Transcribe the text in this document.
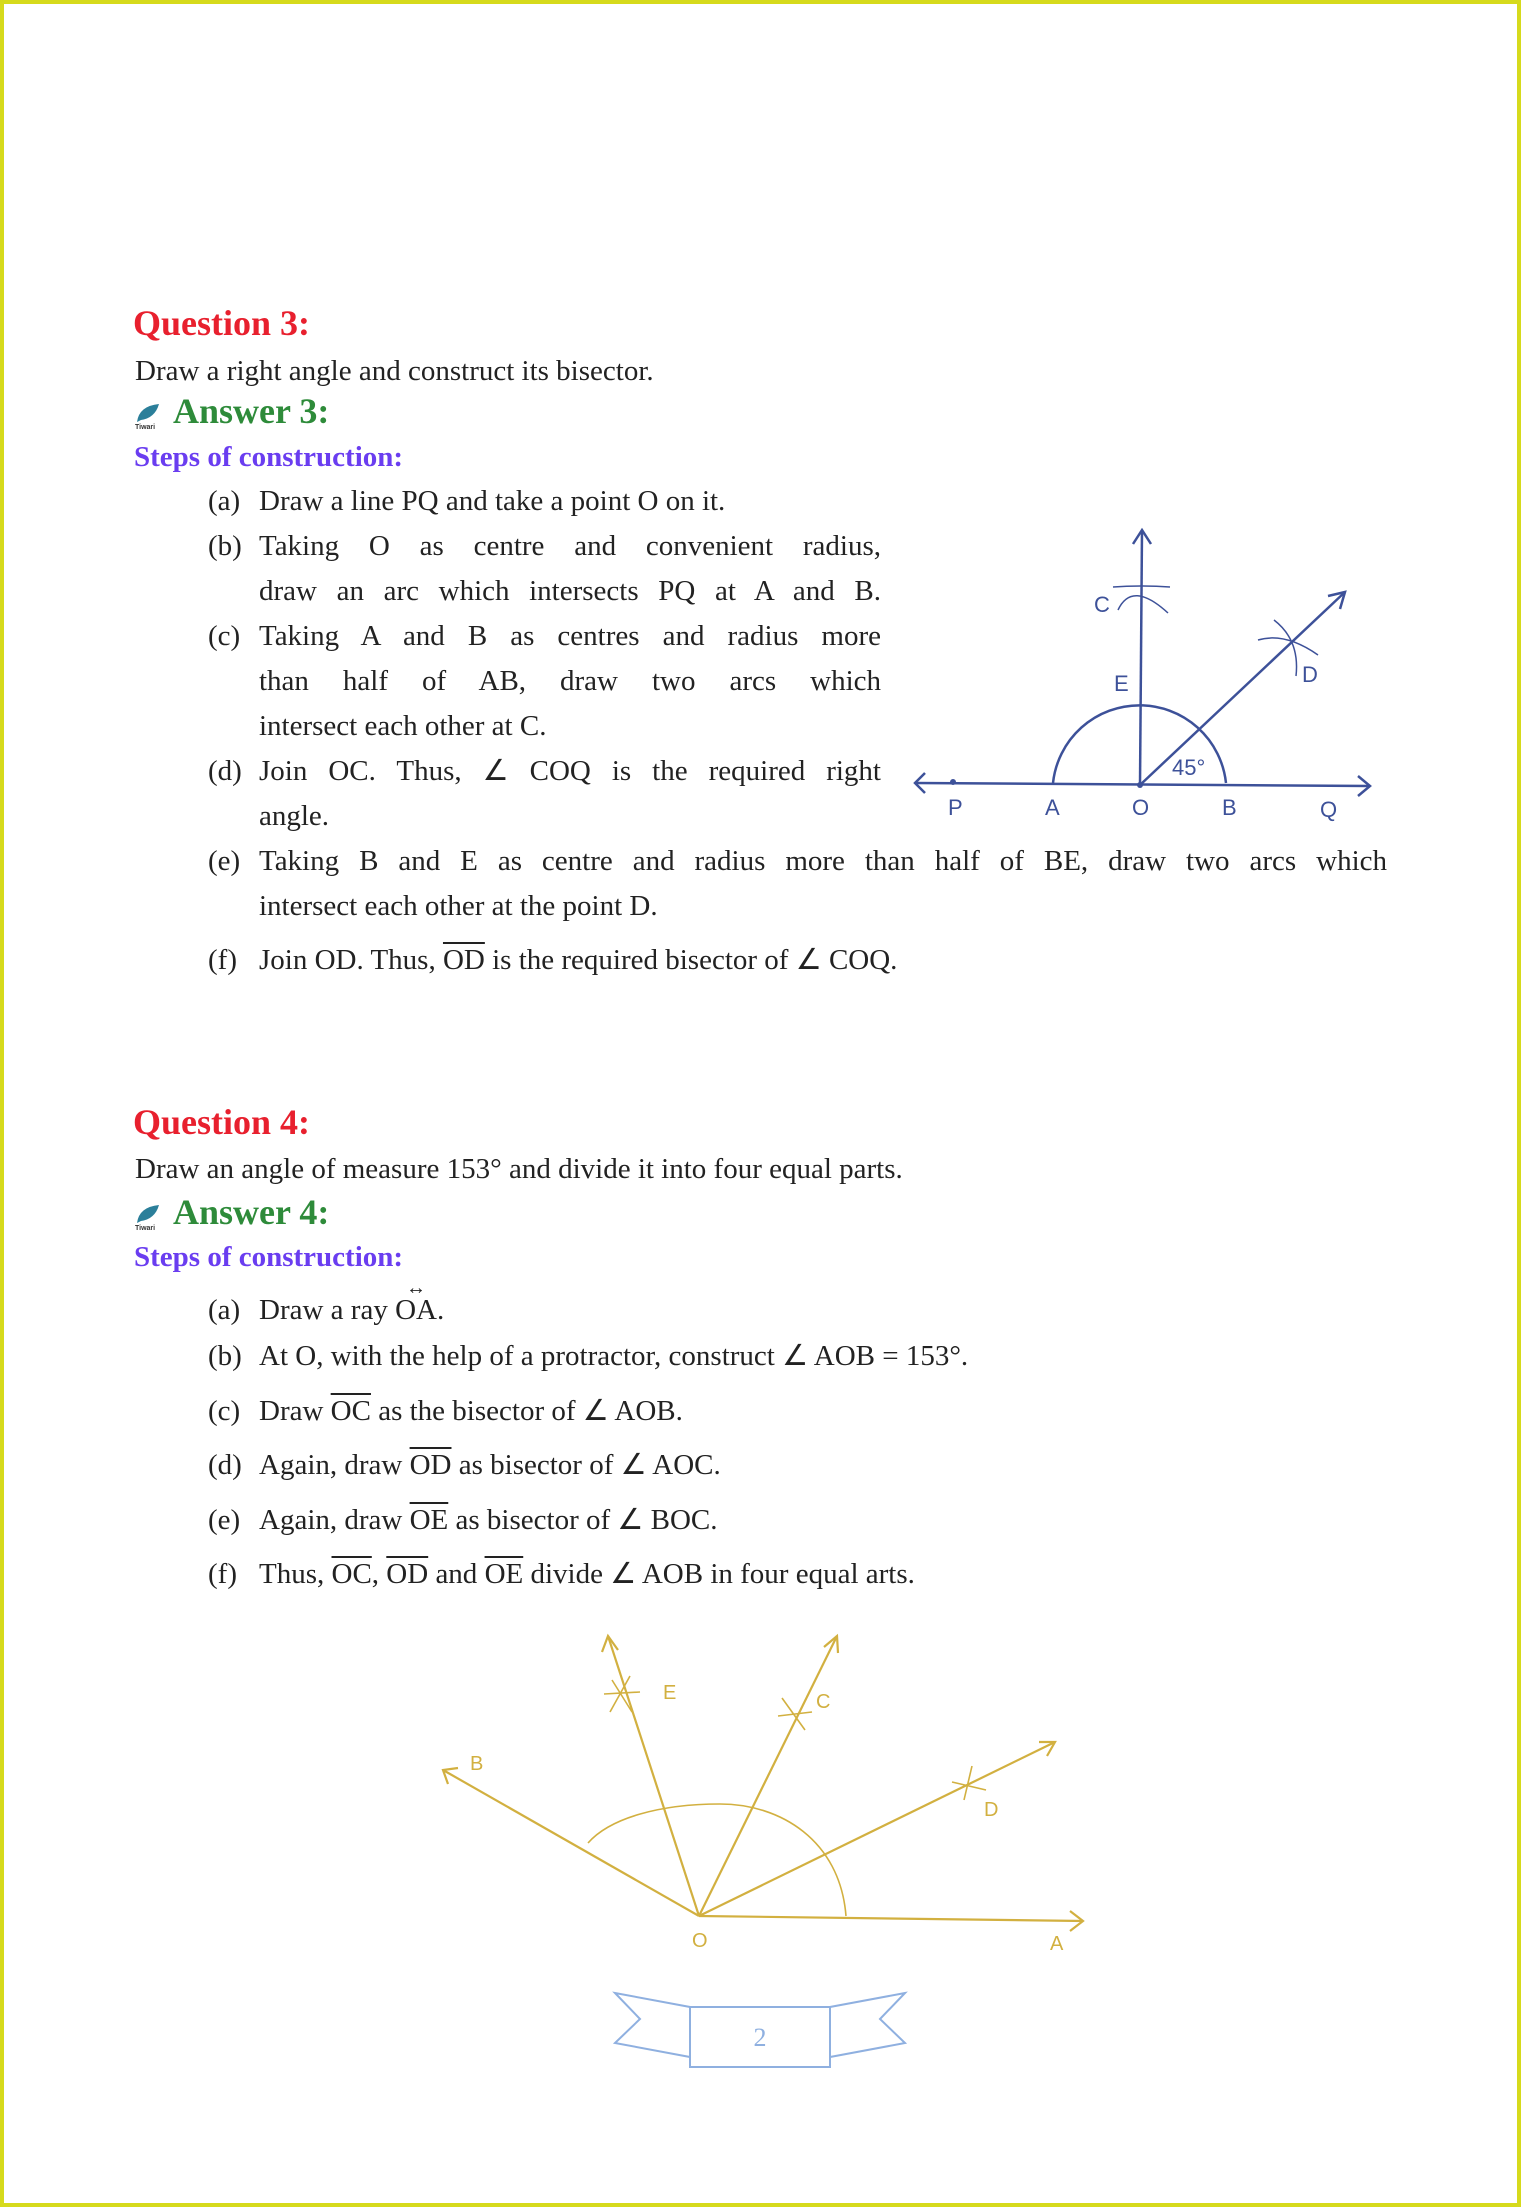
Question 3:
Draw a right angle and construct its bisector.
Tiwari Answer 3:
Steps of construction:
(a) Draw a line PQ and take a point O on it.
(b) Taking O as centre and convenient radius,
draw an arc which intersects PQ at A and B.
(c) Taking A and B as centres and radius more
than half of AB, draw two arcs which
intersect each other at C.
(d) Join OC. Thus, ∠ COQ is the required right
angle.
(e) Taking B and E as centre and radius more than half of BE, draw two arcs which
intersect each other at the point D.
(f) Join OD. Thus, $\overline{OD}$ is the required bisector of ∠ COQ.
P	A	O	B	Q
C
E	D
45°
Question 4:
Draw an angle of measure 153° and divide it into four equal parts.
Tiwari Answer 4:
Steps of construction:
(a) Draw a ray ↔ OA.
(b) At O, with the help of a protractor, construct ∠ AOB = 153°.
(c) Draw $\overline{OC}$ as the bisector of ∠ AOB.
(d) Again, draw $\overline{OD}$ as bisector of ∠ AOC.
(e) Again, draw $\overline{OE}$ as bisector of ∠ BOC.
(f) Thus, $\overline{OC}$, $\overline{OD}$ and $\overline{OE}$ divide ∠ AOB in four equal arts.
O	A
B
E	C
D
2
